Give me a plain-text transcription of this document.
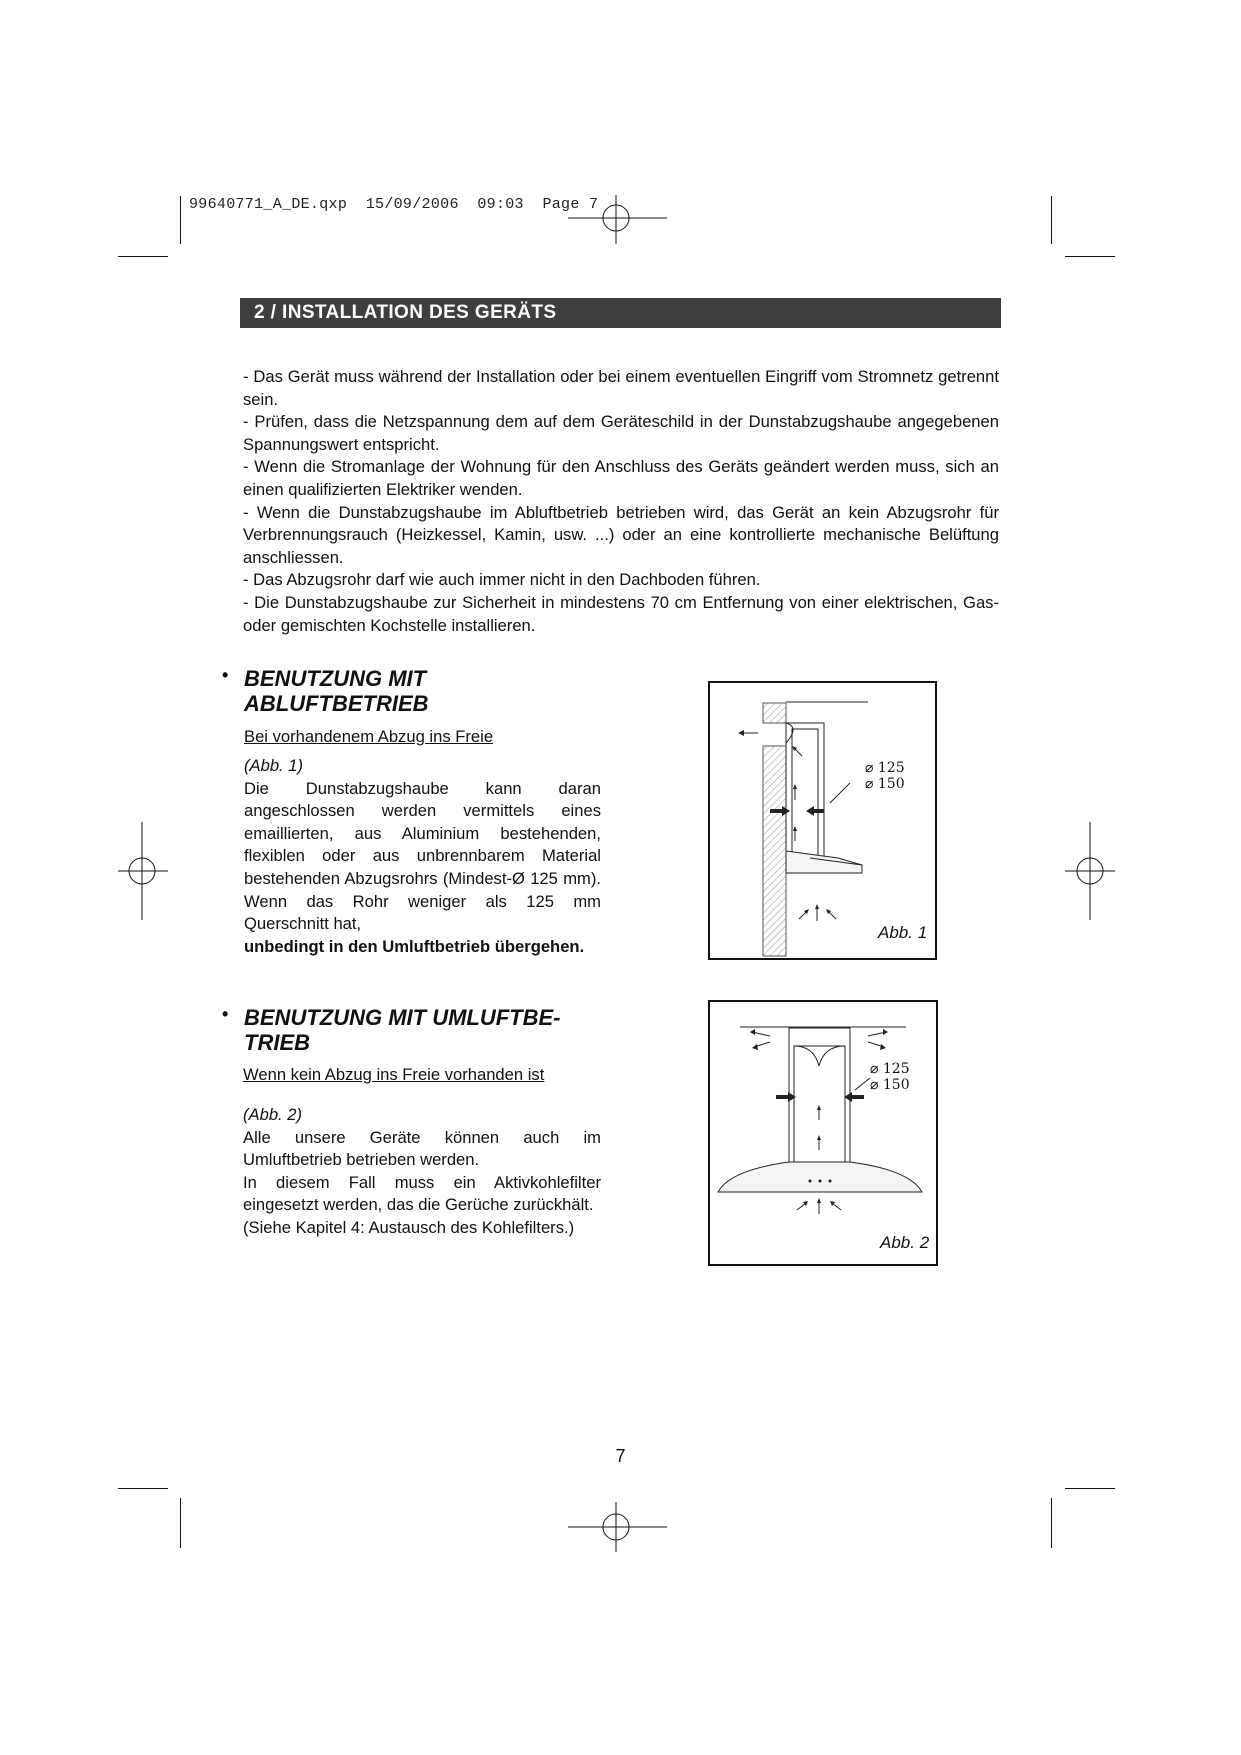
99640771_A_DE.qxp  15/09/2006  09:03  Page 7
2 / INSTALLATION DES GERÄTS

- Das Gerät muss während der Installation oder bei einem eventuellen Eingriff vom Stromnetz getrennt sein.

- Prüfen, dass die Netzspannung dem auf dem Geräteschild in der Dunstabzugshaube angegebenen Spannungswert entspricht.

- Wenn die Stromanlage der Wohnung für den Anschluss des Geräts geändert werden muss, sich an einen qualifizierten Elektriker wenden.

- Wenn die Dunstabzugshaube im Abluftbetrieb betrieben wird, das Gerät an kein Abzugsrohr für Verbrennungsrauch (Heizkessel, Kamin, usw. ...) oder an eine kontrollierte mechanische Belüftung anschliessen.

- Das Abzugsrohr darf wie auch immer nicht in den Dachboden führen.

- Die Dunstabzugshaube zur Sicherheit in mindestens 70 cm Entfernung von einer elektrischen, Gas- oder gemischten Kochstelle installieren.

• BENUTZUNG MIT
ABLUFTBETRIEB
Bei vorhandenem Abzug ins Freie

(Abb. 1)

Die Dunstabzugshaube kann daran angeschlossen werden vermittels eines emaillierten, aus Aluminium bestehenden, flexiblen oder aus unbrennbarem Material bestehenden Abzugsrohrs (Mindest-Ø 125 mm). Wenn das Rohr weniger als 125 mm Querschnitt hat,

unbedingt in den Umluftbetrieb übergehen.

⌀ 125
⌀ 150
Abb. 1
• BENUTZUNG MIT UMLUFTBE-
TRIEB
Wenn kein Abzug ins Freie vorhanden ist

(Abb. 2)

Alle unsere Geräte können auch im Umluftbetrieb betrieben werden.

In diesem Fall muss ein Aktivkohlefilter eingesetzt werden, das die Gerüche zurückhält.

(Siehe Kapitel 4: Austausch des Kohlefilters.)

⌀ 125
⌀ 150
Abb. 2
7
